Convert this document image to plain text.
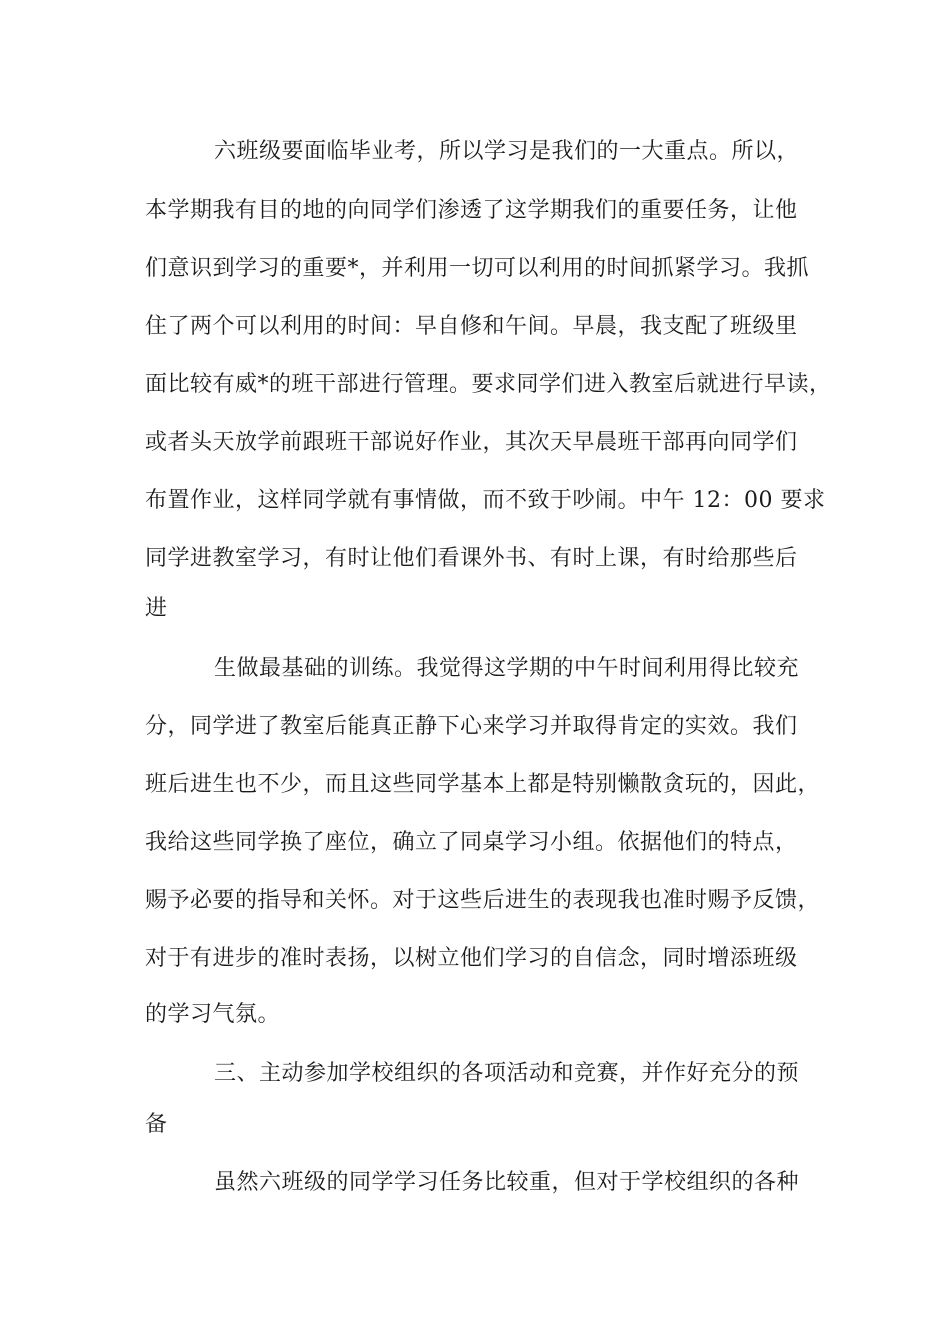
六班级要面临毕业考，所以学习是我们的一大重点。所以，
本学期我有目的地的向同学们渗透了这学期我们的重要任务，让他
们意识到学习的重要*，并利用一切可以利用的时间抓紧学习。我抓
住了两个可以利用的时间：早自修和午间。早晨，我支配了班级里
面比较有威*的班干部进行管理。要求同学们进入教室后就进行早读，
或者头天放学前跟班干部说好作业，其次天早晨班干部再向同学们
布置作业，这样同学就有事情做，而不致于吵闹。中午 12：00 要求
同学进教室学习，有时让他们看课外书、有时上课，有时给那些后
进
生做最基础的训练。我觉得这学期的中午时间利用得比较充
分，同学进了教室后能真正静下心来学习并取得肯定的实效。我们
班后进生也不少，而且这些同学基本上都是特别懒散贪玩的，因此，
我给这些同学换了座位，确立了同桌学习小组。依据他们的特点，
赐予必要的指导和关怀。对于这些后进生的表现我也准时赐予反馈，
对于有进步的准时表扬，以树立他们学习的自信念，同时增添班级
的学习气氛。
三、主动参加学校组织的各项活动和竞赛，并作好充分的预
备
虽然六班级的同学学习任务比较重，但对于学校组织的各种
